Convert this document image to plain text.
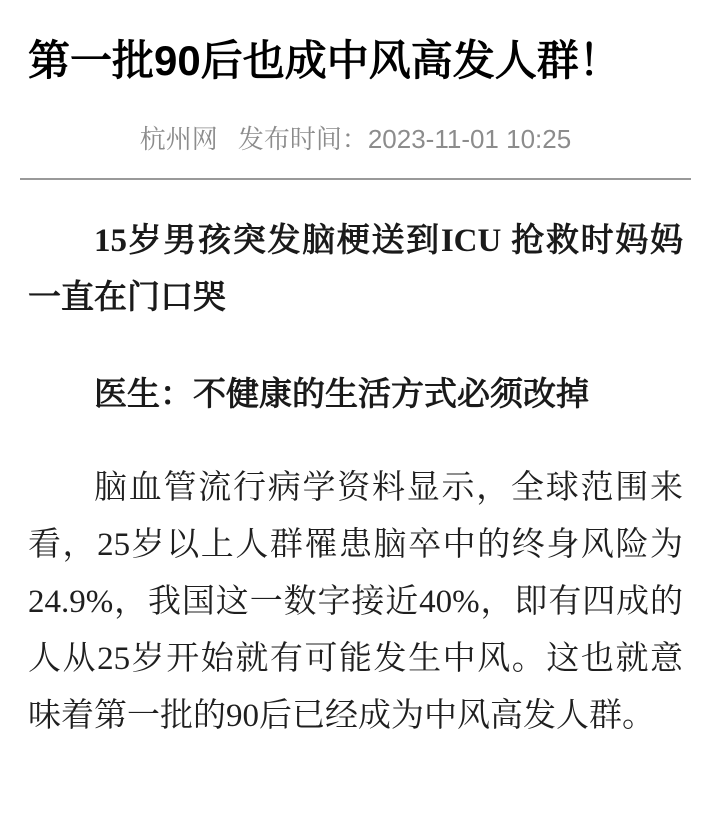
第一批90后也成中风高发人群！
杭州网 发布时间：2023-11-01 10:25

15岁男孩突发脑梗送到ICU 抢救时妈妈一直在门口哭

医生：不健康的生活方式必须改掉

脑血管流行病学资料显示，全球范围来看，25岁以上人群罹患脑卒中的终身风险为24.9%，我国这一数字接近40%，即有四成的人从25岁开始就有可能发生中风。这也就意味着第一批的90后已经成为中风高发人群。
